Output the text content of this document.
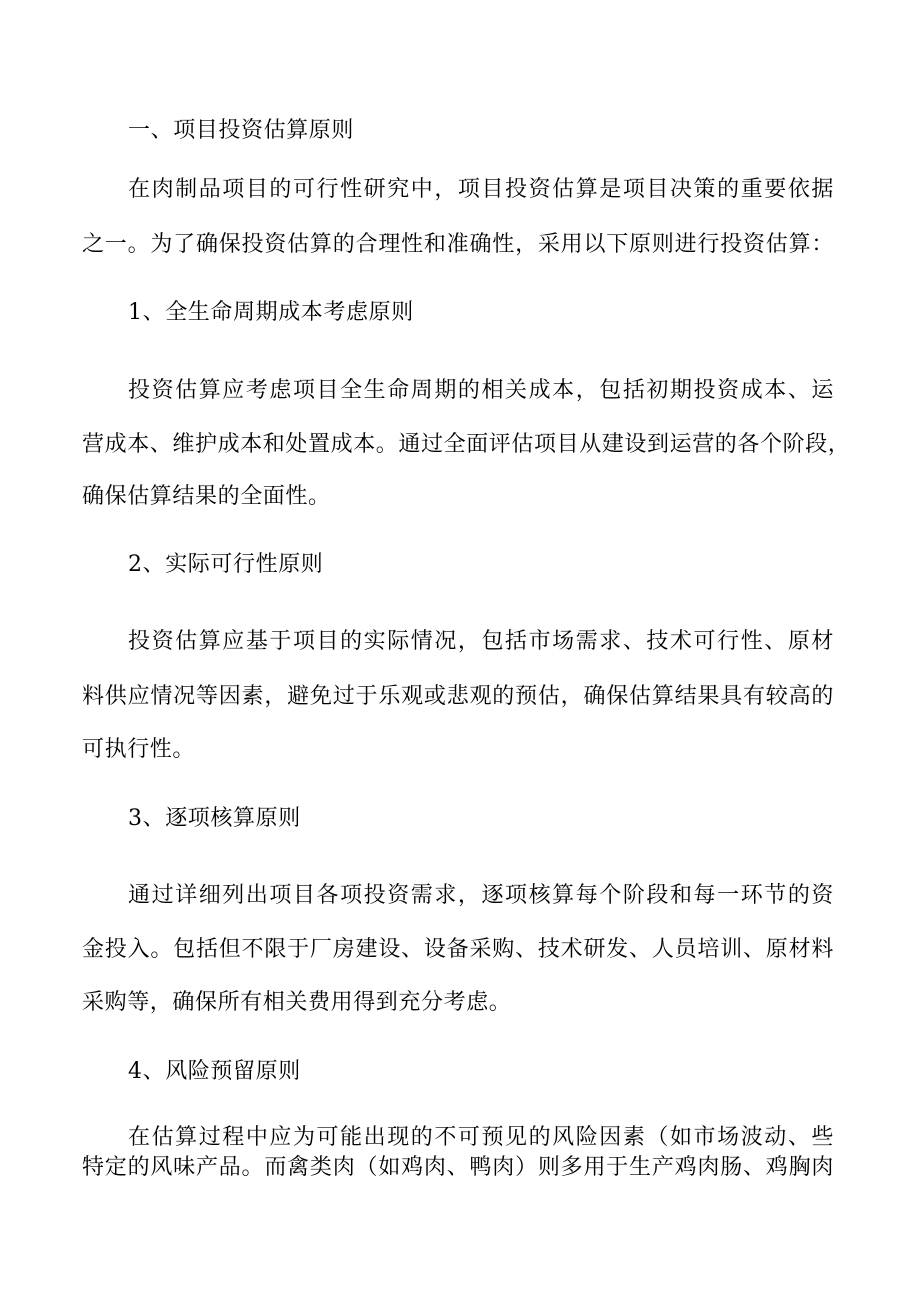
一、项目投资估算原则
在肉制品项目的可行性研究中，项目投资估算是项目决策的重要依据
之一。为了确保投资估算的合理性和准确性，采用以下原则进行投资估算：
1、全生命周期成本考虑原则
投资估算应考虑项目全生命周期的相关成本，包括初期投资成本、运
营成本、维护成本和处置成本。通过全面评估项目从建设到运营的各个阶段，
确保估算结果的全面性。
2、实际可行性原则
投资估算应基于项目的实际情况，包括市场需求、技术可行性、原材
料供应情况等因素，避免过于乐观或悲观的预估，确保估算结果具有较高的
可执行性。
3、逐项核算原则
通过详细列出项目各项投资需求，逐项核算每个阶段和每一环节的资
金投入。包括但不限于厂房建设、设备采购、技术研发、人员培训、原材料
采购等，确保所有相关费用得到充分考虑。
4、风险预留原则
在估算过程中应为可能出现的不可预见的风险因素（如市场波动、些
特定的风味产品。而禽类肉（如鸡肉、鸭肉）则多用于生产鸡肉肠、鸡胸肉
